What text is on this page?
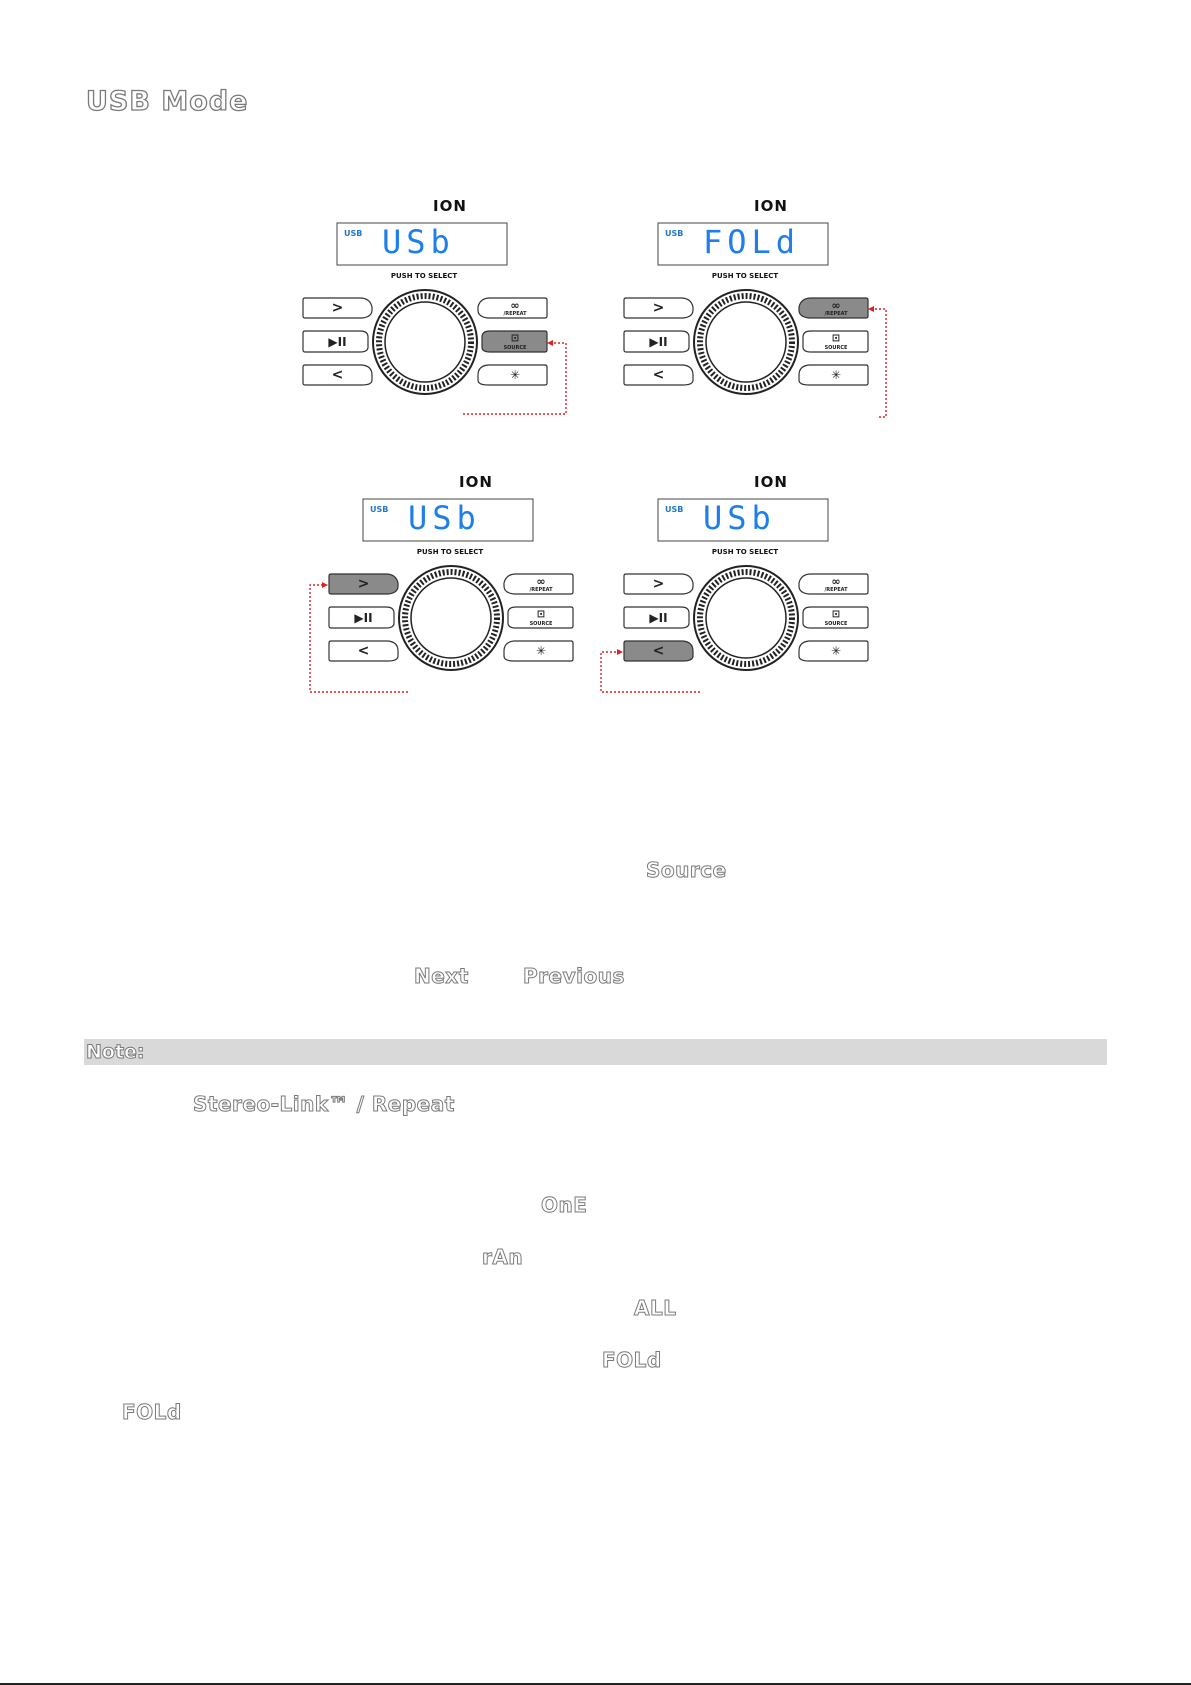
USB Mode
ION
USB USb
PUSH TO SELECT
>
▶II
<
∞
/REPEAT
⊡
SOURCE
✳
ION
USB FOLd
PUSH TO SELECT
>
▶II
<
∞
/REPEAT
⊡
SOURCE
✳
ION
USB USb
PUSH TO SELECT
>
▶II
<
∞
/REPEAT
⊡
SOURCE
✳
ION
USB USb
PUSH TO SELECT
>
▶II
<
∞
/REPEAT
⊡
SOURCE
✳
Source
Next	Previous
Note:
Stereo-Link™ / Repeat
OnE
rAn
ALL
FOLd
FOLd
